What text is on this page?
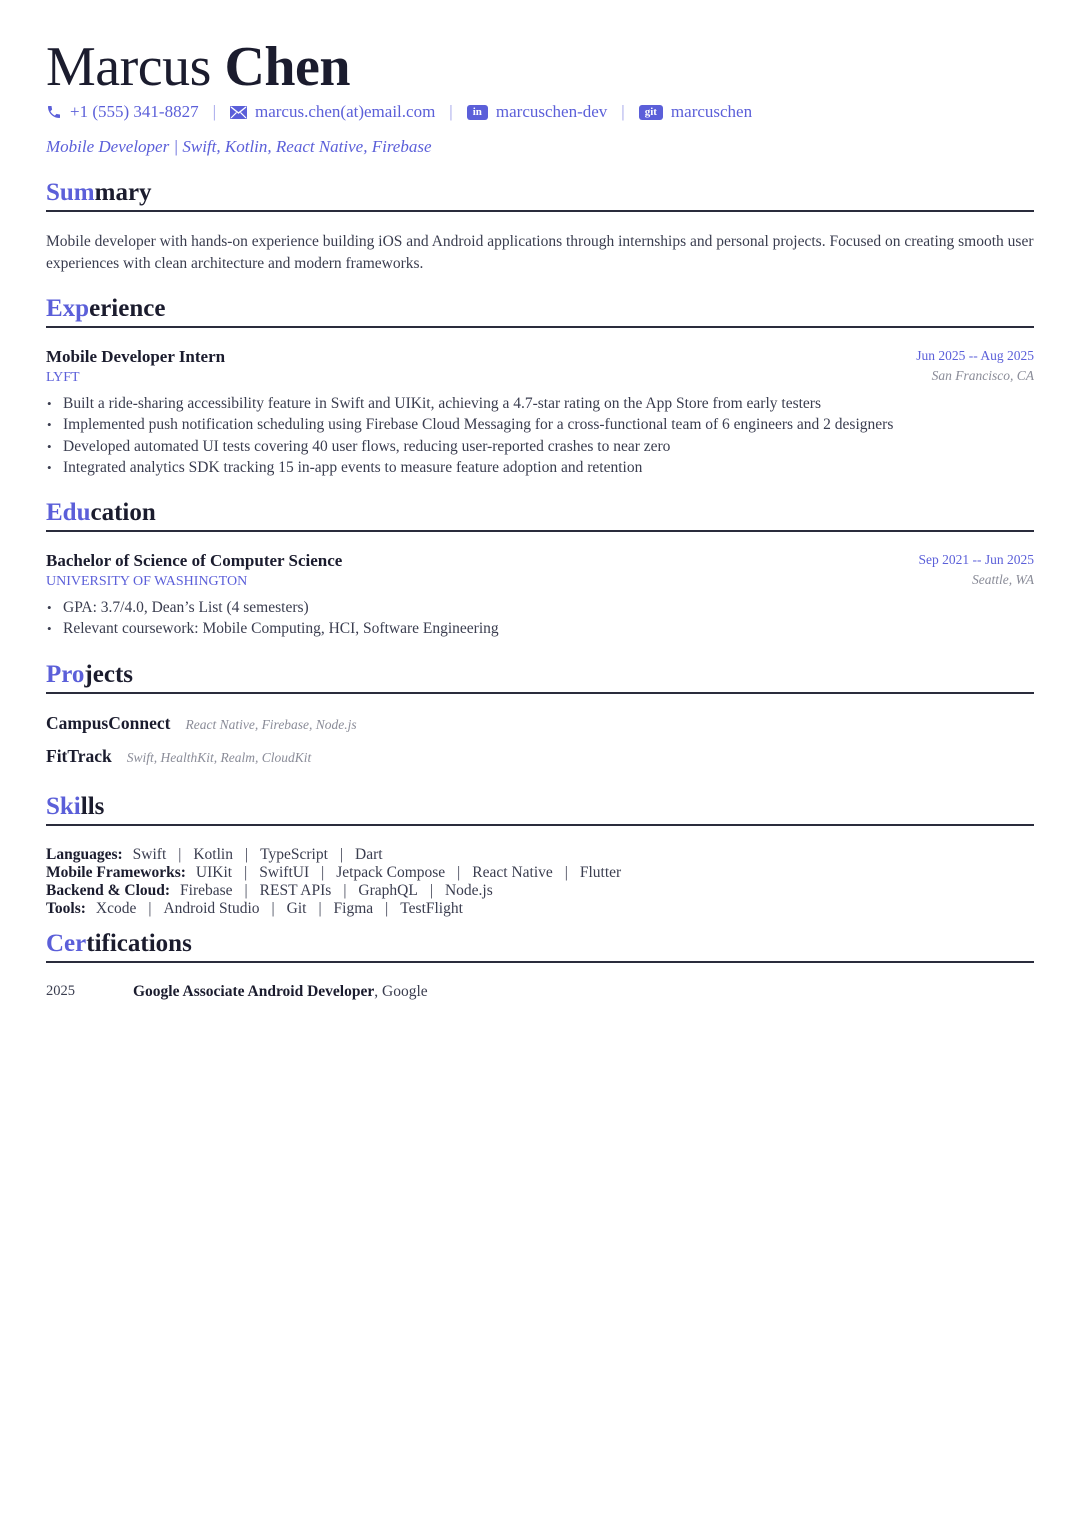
Marcus Chen
+1 (555) 341-8827 | marcus.chen(at)email.com |	in marcuschen-dev |	git marcuschen
Mobile Developer | Swift, Kotlin, React Native, Firebase
Summary
Mobile developer with hands-on experience building iOS and Android applications through internships and personal projects. Focused on creating smooth user experiences with clean architecture and modern frameworks.
Experience
Mobile Developer Intern
LYFT
Jun 2025 -- Aug 2025
San Francisco, CA
• Built a ride-sharing accessibility feature in Swift and UIKit, achieving a 4.7-star rating on the App Store from early testers
• Implemented push notification scheduling using Firebase Cloud Messaging for a cross-functional team of 6 engineers and 2 designers
• Developed automated UI tests covering 40 user flows, reducing user-reported crashes to near zero
• Integrated analytics SDK tracking 15 in-app events to measure feature adoption and retention
Education
Bachelor of Science of Computer Science
UNIVERSITY OF WASHINGTON
Sep 2021 -- Jun 2025
Seattle, WA
• GPA: 3.7/4.0, Dean’s List (4 semesters)
• Relevant coursework: Mobile Computing, HCI, Software Engineering
Projects
CampusConnect React Native, Firebase, Node.js
FitTrack Swift, HealthKit, Realm, CloudKit
Skills
Languages: Swift | Kotlin | TypeScript | Dart
Mobile Frameworks: UIKit | SwiftUI | Jetpack Compose | React Native | Flutter
Backend & Cloud: Firebase | REST APIs | GraphQL | Node.js
Tools: Xcode | Android Studio | Git | Figma | TestFlight
Certifications
2025	Google Associate Android Developer , Google
